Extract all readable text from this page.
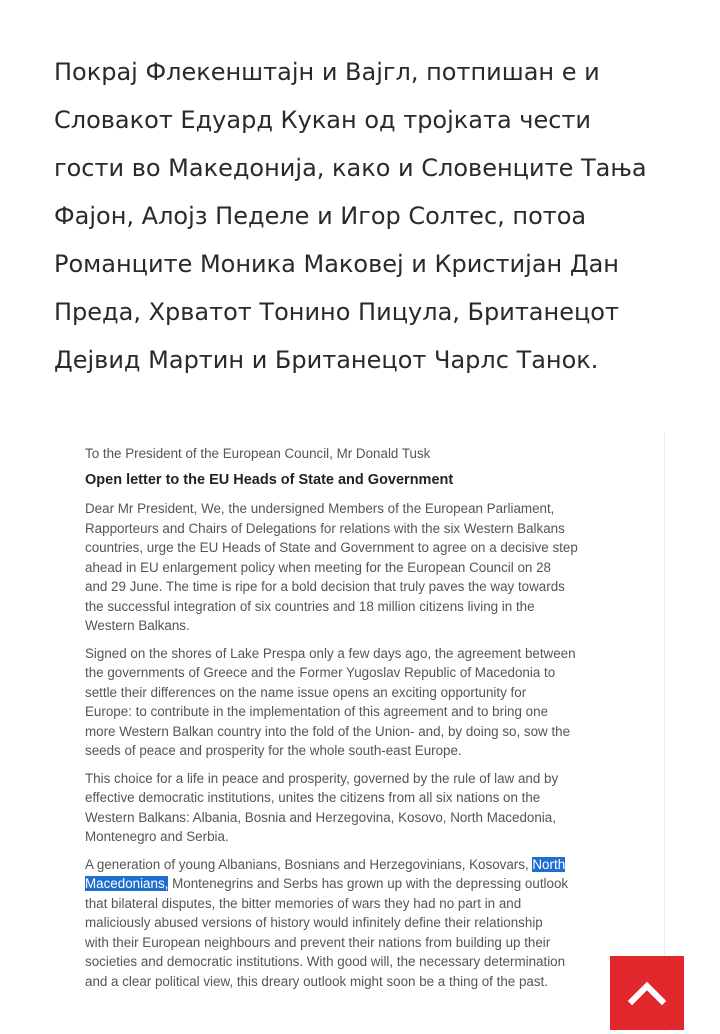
Покрај Флекенштајн и Вајгл, потпишан е и
Словакот Едуард Кукан од тројката чести
гости во Македонија, како и Словенците Тања
Фајон, Алојз Педеле и Игор Солтес, потоа
Романците Моника Маковеј и Кристијан Дан
Преда, Хрватот Тонино Пицула, Британецот
Дејвид Мартин и Британецот Чарлс Танок.
To the President of the European Council, Mr Donald Tusk
Open letter to the EU Heads of State and Government
Dear Mr President, We, the undersigned Members of the European Parliament,
Rapporteurs and Chairs of Delegations for relations with the six Western Balkans
countries, urge the EU Heads of State and Government to agree on a decisive step
ahead in EU enlargement policy when meeting for the European Council on 28
and 29 June. The time is ripe for a bold decision that truly paves the way towards
the successful integration of six countries and 18 million citizens living in the
Western Balkans.
Signed on the shores of Lake Prespa only a few days ago, the agreement between
the governments of Greece and the Former Yugoslav Republic of Macedonia to
settle their differences on the name issue opens an exciting opportunity for
Europe: to contribute in the implementation of this agreement and to bring one
more Western Balkan country into the fold of the Union- and, by doing so, sow the
seeds of peace and prosperity for the whole south-east Europe.
This choice for a life in peace and prosperity, governed by the rule of law and by
effective democratic institutions, unites the citizens from all six nations on the
Western Balkans: Albania, Bosnia and Herzegovina, Kosovo, North Macedonia,
Montenegro and Serbia.
A generation of young Albanians, Bosnians and Herzegovinians, Kosovars, North
Macedonians, Montenegrins and Serbs has grown up with the depressing outlook
that bilateral disputes, the bitter memories of wars they had no part in and
maliciously abused versions of history would infinitely define their relationship
with their European neighbours and prevent their nations from building up their
societies and democratic institutions. With good will, the necessary determination
and a clear political view, this dreary outlook might soon be a thing of the past.
